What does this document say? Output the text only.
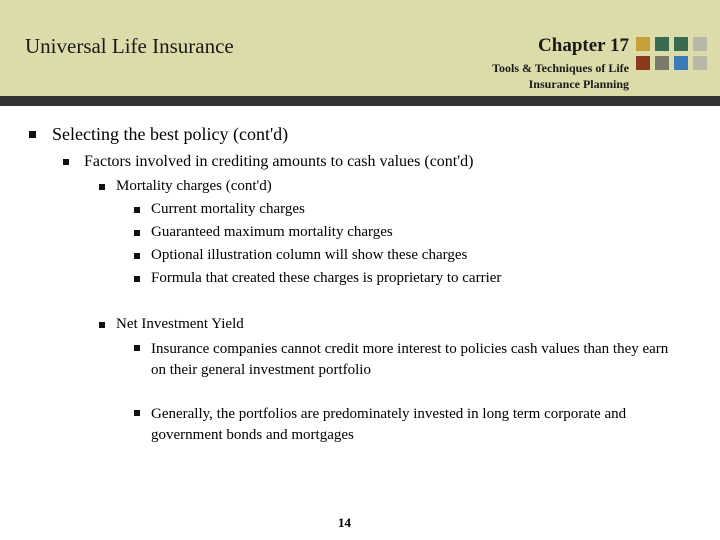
Universal Life Insurance	Chapter 17
Tools & Techniques of Life
Insurance Planning
Selecting the best policy (cont'd)
Factors involved in crediting amounts to cash values (cont'd)
Mortality charges (cont'd)
Current mortality charges
Guaranteed maximum mortality charges
Optional illustration column will show these charges
Formula that created these charges is proprietary to carrier
Net Investment Yield
Insurance companies cannot credit more interest to policies cash values than they earn on their general investment portfolio
Generally, the portfolios are predominately invested in long term corporate and government bonds and mortgages
14
